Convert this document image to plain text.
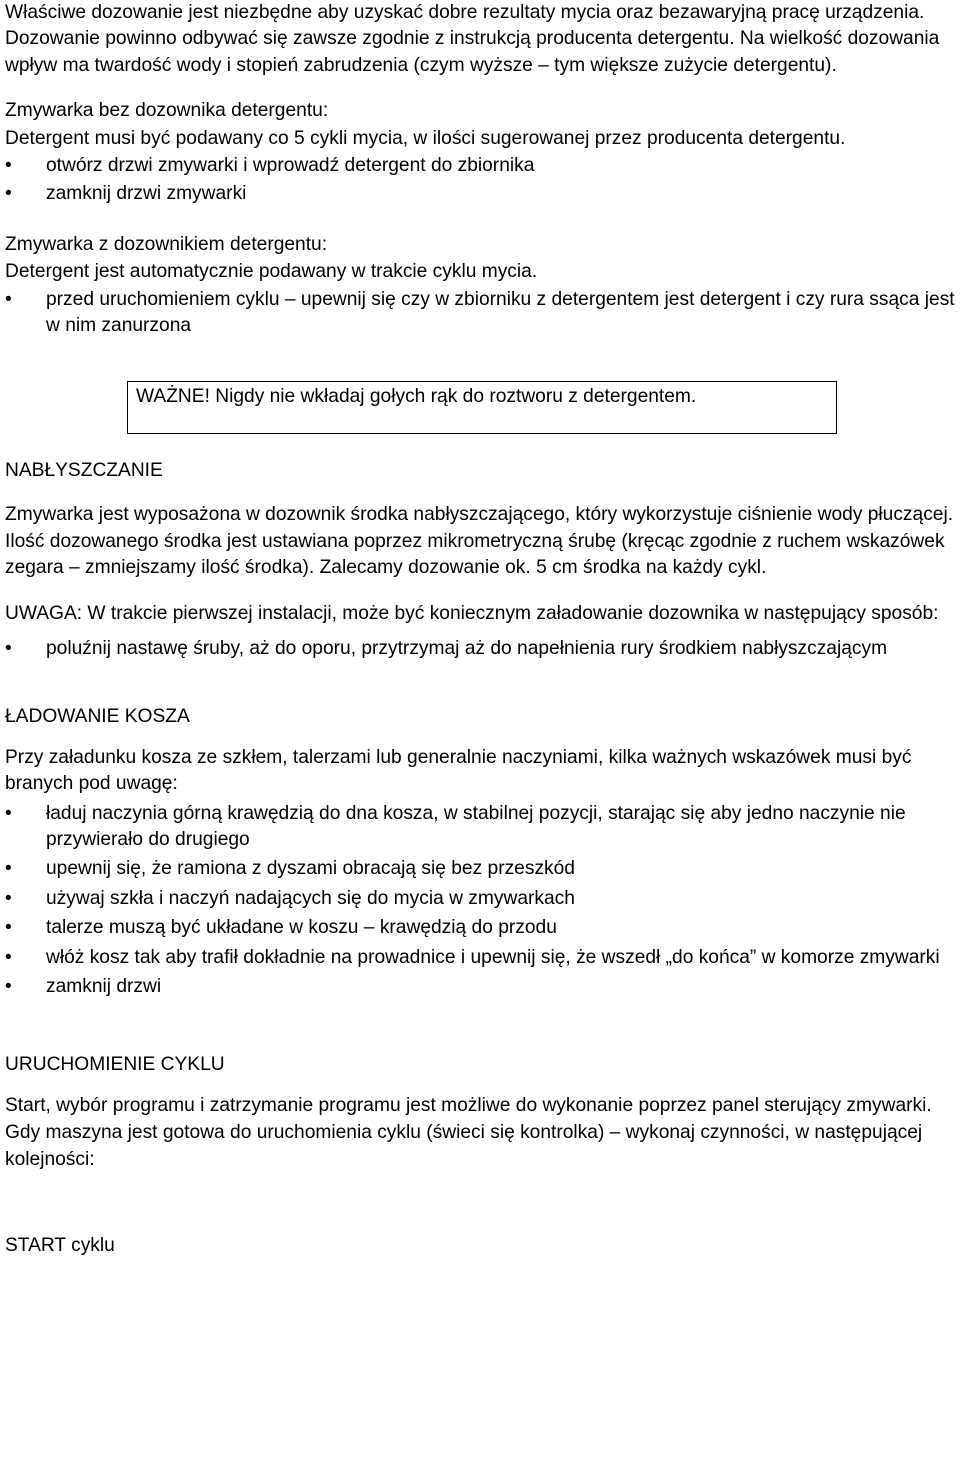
Właściwe dozowanie jest niezbędne aby uzyskać dobre rezultaty mycia oraz bezawaryjną pracę urządzenia. Dozowanie powinno odbywać się zawsze zgodnie z instrukcją producenta detergentu. Na wielkość dozowania wpływ ma twardość wody i stopień zabrudzenia (czym wyższe – tym większe zużycie detergentu).

Zmywarka bez dozownika detergentu:

Detergent musi być podawany co 5 cykli mycia, w ilości sugerowanej przez producenta detergentu.

•	otwórz drzwi zmywarki i wprowadź detergent do zbiornika
•	zamknij drzwi zmywarki

Zmywarka z dozownikiem detergentu:

Detergent jest automatycznie podawany w trakcie cyklu mycia.

•	przed uruchomieniem cyklu – upewnij się czy w zbiorniku z detergentem jest detergent i czy rura ssąca jest w nim zanurzona

WAŻNE! Nigdy nie wkładaj gołych rąk do roztworu z detergentem.

NABŁYSZCZANIE

Zmywarka jest wyposażona w dozownik środka nabłyszczającego, który wykorzystuje ciśnienie wody płuczącej. Ilość dozowanego środka jest ustawiana poprzez mikrometryczną śrubę (kręcąc zgodnie z ruchem wskazówek zegara – zmniejszamy ilość środka). Zalecamy dozowanie ok. 5 cm środka na każdy cykl.

UWAGA: W trakcie pierwszej instalacji, może być koniecznym załadowanie dozownika w następujący sposób:

•	poluźnij nastawę śruby, aż do oporu, przytrzymaj aż do napełnienia rury środkiem nabłyszczającym

ŁADOWANIE KOSZA

Przy załadunku kosza ze szkłem, talerzami lub generalnie naczyniami, kilka ważnych wskazówek musi być branych pod uwagę:

•	ładuj naczynia górną krawędzią do dna kosza, w stabilnej pozycji, starając się aby jedno naczynie nie przywierało do drugiego
•	upewnij się, że ramiona z dyszami obracają się bez przeszkód
•	używaj szkła i naczyń nadających się do mycia w zmywarkach
•	talerze muszą być układane w koszu – krawędzią do przodu
•	włóż kosz tak aby trafił dokładnie na prowadnice i upewnij się, że wszedł „do końca” w komorze zmywarki
•	zamknij drzwi

URUCHOMIENIE CYKLU

Start, wybór programu i zatrzymanie programu jest możliwe do wykonanie poprzez panel sterujący zmywarki.

Gdy maszyna jest gotowa do uruchomienia cyklu (świeci się kontrolka) – wykonaj czynności, w następującej kolejności:

START cyklu
